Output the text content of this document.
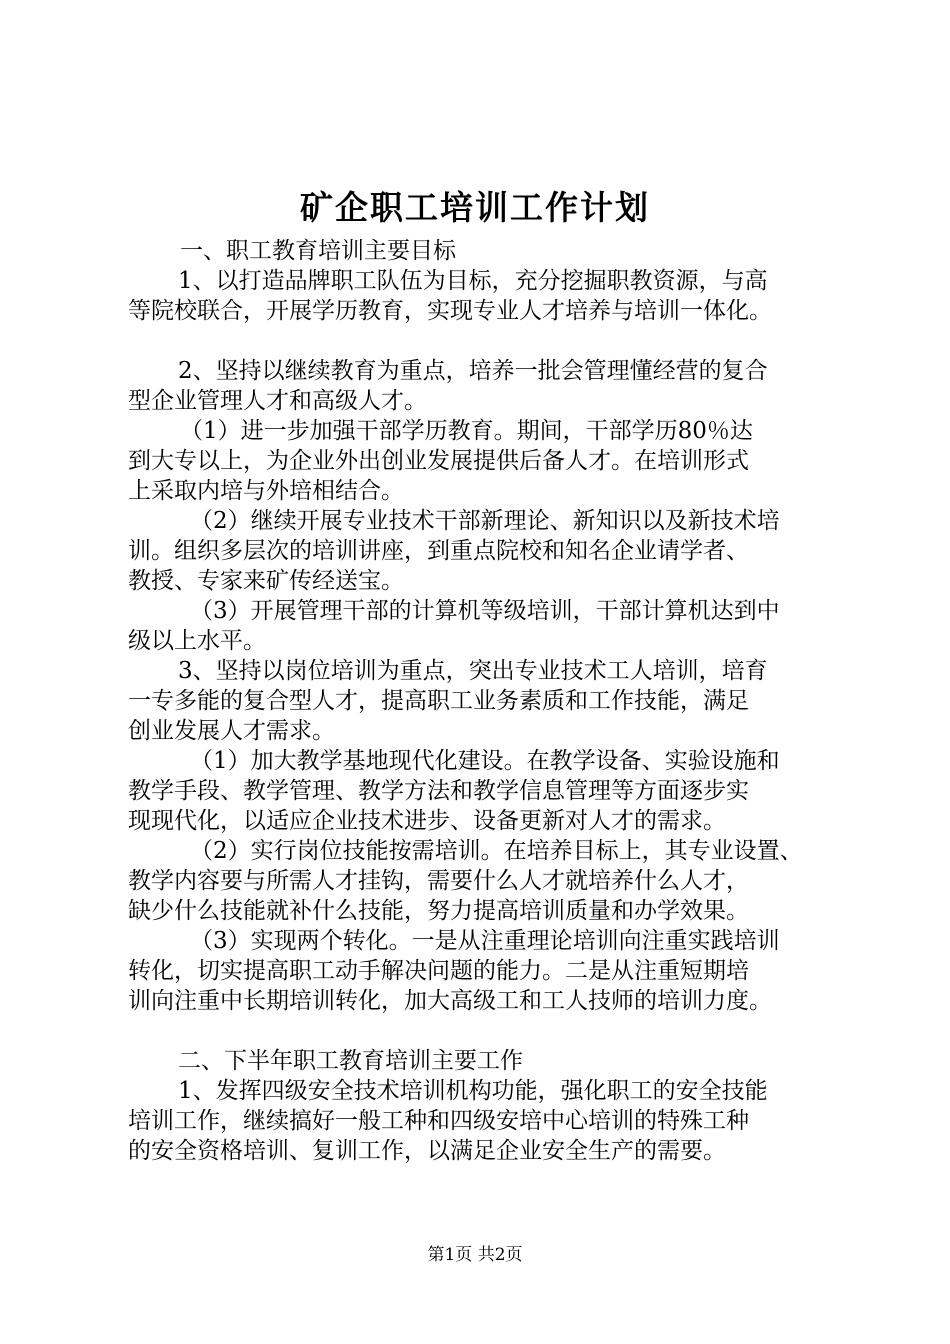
矿企职工培训工作计划
一、职工教育培训主要目标
1、以打造品牌职工队伍为目标，充分挖掘职教资源，与高
等院校联合，开展学历教育，实现专业人才培养与培训一体化。
2、坚持以继续教育为重点，培养一批会管理懂经营的复合
型企业管理人才和高级人才。
（1）进一步加强干部学历教育。期间，干部学历80％达
到大专以上，为企业外出创业发展提供后备人才。在培训形式
上采取内培与外培相结合。
（2）继续开展专业技术干部新理论、新知识以及新技术培
训。组织多层次的培训讲座，到重点院校和知名企业请学者、
教授、专家来矿传经送宝。
（3）开展管理干部的计算机等级培训，干部计算机达到中
级以上水平。
3、坚持以岗位培训为重点，突出专业技术工人培训，培育
一专多能的复合型人才，提高职工业务素质和工作技能，满足
创业发展人才需求。
（1）加大教学基地现代化建设。在教学设备、实验设施和
教学手段、教学管理、教学方法和教学信息管理等方面逐步实
现现代化，以适应企业技术进步、设备更新对人才的需求。
（2）实行岗位技能按需培训。在培养目标上，其专业设置、
教学内容要与所需人才挂钩，需要什么人才就培养什么人才，
缺少什么技能就补什么技能，努力提高培训质量和办学效果。
（3）实现两个转化。一是从注重理论培训向注重实践培训
转化，切实提高职工动手解决问题的能力。二是从注重短期培
训向注重中长期培训转化，加大高级工和工人技师的培训力度。
二、下半年职工教育培训主要工作
1、发挥四级安全技术培训机构功能，强化职工的安全技能
培训工作，继续搞好一般工种和四级安培中心培训的特殊工种
的安全资格培训、复训工作，以满足企业安全生产的需要。
第1页 共2页
